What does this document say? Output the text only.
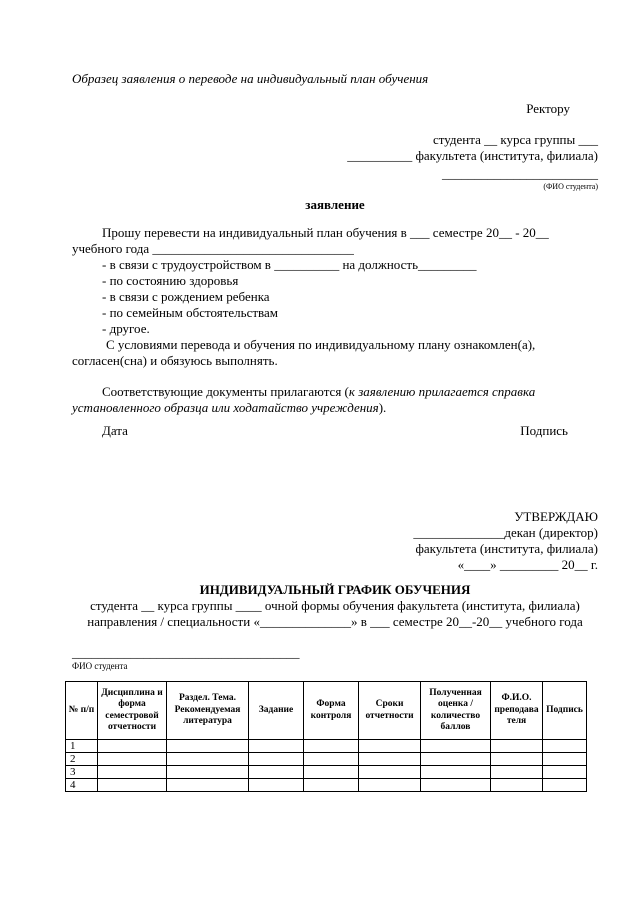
Образец заявления о переводе на индивидуальный план обучения

Ректору
студента __ курса группы ___
__________ факультета (института, филиала)
________________________
(ФИО студента)

заявление

Прошу перевести на индивидуальный план обучения в ___ семестре 20__ - 20__ учебного года _______________________________

- в связи с трудоустройством в __________ на должность_________

- по состоянию здоровья

- в связи с рождением ребенка

- по семейным обстоятельствам

- другое.

С условиями перевода и обучения по индивидуальному плану ознакомлен(а), согласен(сна) и обязуюсь выполнять.

Соответствующие документы прилагаются (к заявлению прилагается справка установленного образца или ходатайство учреждения).

Дата	Подпись
УТВЕРЖДАЮ
______________декан (директор)
факультета (института, филиала)
«____» _________ 20__ г.

ИНДИВИДУАЛЬНЫЙ ГРАФИК ОБУЧЕНИЯ

студента __ курса группы ____ очной формы обучения факультета (института, филиала) направления / специальности «______________» в ___ семестре 20__-20__ учебного года

___________________________________
ФИО студента
№ п/п	Дисциплина и форма семестровой отчетности	Раздел. Тема. Рекомендуемая литература	Задание	Форма контроля	Сроки отчетности	Полученная оценка / количество баллов	Ф.И.О. преподавателя	Подпись
1								
2								
3								
4								
